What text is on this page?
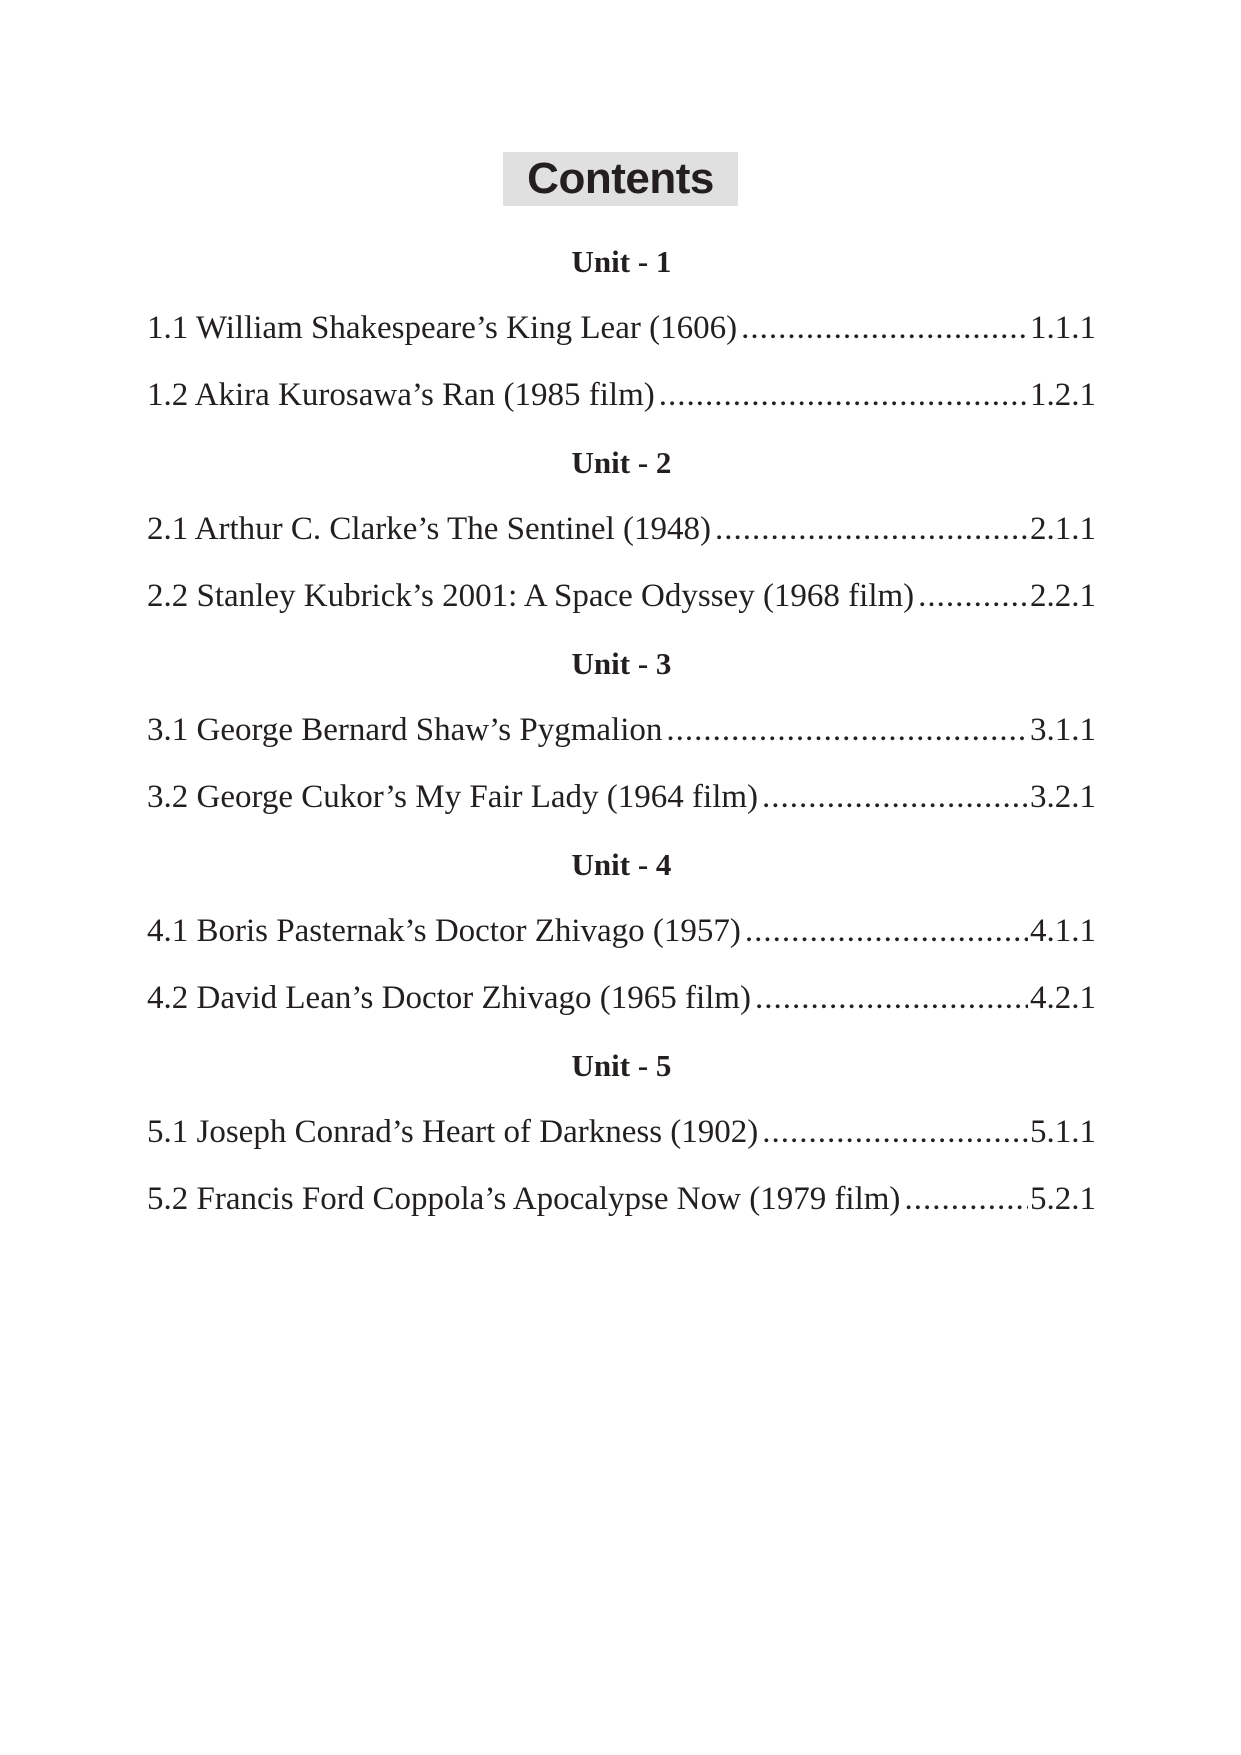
Contents
Unit - 1
1.1 William Shakespeare’s King Lear (1606) .....	1.1.1
1.2 Akira Kurosawa’s Ran (1985 film) .....	1.2.1
Unit - 2
2.1 Arthur C. Clarke’s The Sentinel (1948) .....	2.1.1
2.2 Stanley Kubrick’s 2001: A Space Odyssey (1968 film) .....	2.2.1
Unit - 3
3.1 George Bernard Shaw’s Pygmalion .....	3.1.1
3.2 George Cukor’s My Fair Lady (1964 film) .....	3.2.1
Unit - 4
4.1 Boris Pasternak’s Doctor Zhivago (1957) .....	4.1.1
4.2 David Lean’s Doctor Zhivago (1965 film) .....	4.2.1
Unit - 5
5.1 Joseph Conrad’s Heart of Darkness (1902) .....	5.1.1
5.2 Francis Ford Coppola’s Apocalypse Now (1979 film) .....	5.2.1
